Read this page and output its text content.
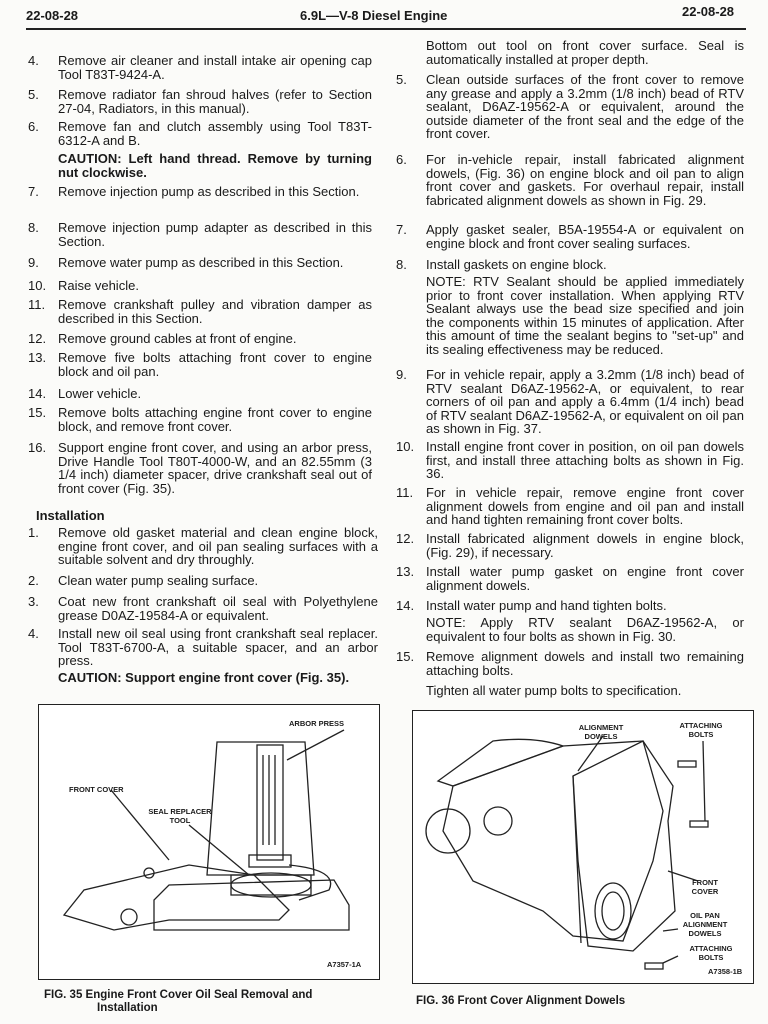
22-08-28	6.9L—V-8 Diesel Engine	22-08-28
Installation
ARBOR PRESS
FRONT COVER
SEAL REPLACER TOOL
A7357-1A
FIG. 35 Engine Front Cover Oil Seal Removal and
Installation
ALIGNMENT DOWELS
ATTACHING BOLTS
FRONT COVER
OIL PAN ALIGNMENT DOWELS
ATTACHING BOLTS
A7358-1B
FIG. 36 Front Cover Alignment Dowels
4. Remove air cleaner and install intake air opening cap Tool T83T-9424-A.
5. Remove radiator fan shroud halves (refer to Section 27-04, Radiators, in this manual).
6. Remove fan and clutch assembly using Tool T83T-6312-A and B.
CAUTION: Left hand thread. Remove by turning nut clockwise.
7. Remove injection pump as described in this Section.
8. Remove injection pump adapter as described in this Section.
9. Remove water pump as described in this Section.
10. Raise vehicle.
11. Remove crankshaft pulley and vibration damper as described in this Section.
12. Remove ground cables at front of engine.
13. Remove five bolts attaching front cover to engine block and oil pan.
14. Lower vehicle.
15. Remove bolts attaching engine front cover to engine block, and remove front cover.
16. Support engine front cover, and using an arbor press, Drive Handle Tool T80T-4000-W, and an 82.55mm (3 1/4 inch) diameter spacer, drive crankshaft seal out of front cover (Fig. 35).
1. Remove old gasket material and clean engine block, engine front cover, and oil pan sealing surfaces with a suitable solvent and dry throughly.
2. Clean water pump sealing surface.
3. Coat new front crankshaft oil seal with Polyethylene grease D0AZ-19584-A or equivalent.
4. Install new oil seal using front crankshaft seal replacer. Tool T83T-6700-A, a suitable spacer, and an arbor press.
CAUTION: Support engine front cover (Fig. 35).
Bottom out tool on front cover surface. Seal is automatically installed at proper depth.
5. Clean outside surfaces of the front cover to remove any grease and apply a 3.2mm (1/8 inch) bead of RTV sealant, D6AZ-19562-A or equivalent, around the outside diameter of the front seal and the edge of the front cover.
6. For in-vehicle repair, install fabricated alignment dowels, (Fig. 36) on engine block and oil pan to align front cover and gaskets. For overhaul repair, install fabricated alignment dowels as shown in Fig. 29.
7. Apply gasket sealer, B5A-19554-A or equivalent on engine block and front cover sealing surfaces.
8. Install gaskets on engine block.
NOTE: RTV Sealant should be applied immediately prior to front cover installation. When applying RTV Sealant always use the bead size specified and join the components within 15 minutes of application. After this amount of time the sealant begins to "set-up" and its sealing effectiveness may be reduced.
9. For in vehicle repair, apply a 3.2mm (1/8 inch) bead of RTV sealant D6AZ-19562-A, or equivalent, to rear corners of oil pan and apply a 6.4mm (1/4 inch) bead of RTV sealant D6AZ-19562-A, or equivalent on oil pan as shown in Fig. 37.
10. Install engine front cover in position, on oil pan dowels first, and install three attaching bolts as shown in Fig. 36.
11. For in vehicle repair, remove engine front cover alignment dowels from engine and oil pan and install and hand tighten remaining front cover bolts.
12. Install fabricated alignment dowels in engine block, (Fig. 29), if necessary.
13. Install water pump gasket on engine front cover alignment dowels.
14. Install water pump and hand tighten bolts.
NOTE: Apply RTV sealant D6AZ-19562-A, or equivalent to four bolts as shown in Fig. 30.
15. Remove alignment dowels and install two remaining attaching bolts.
Tighten all water pump bolts to specification.
